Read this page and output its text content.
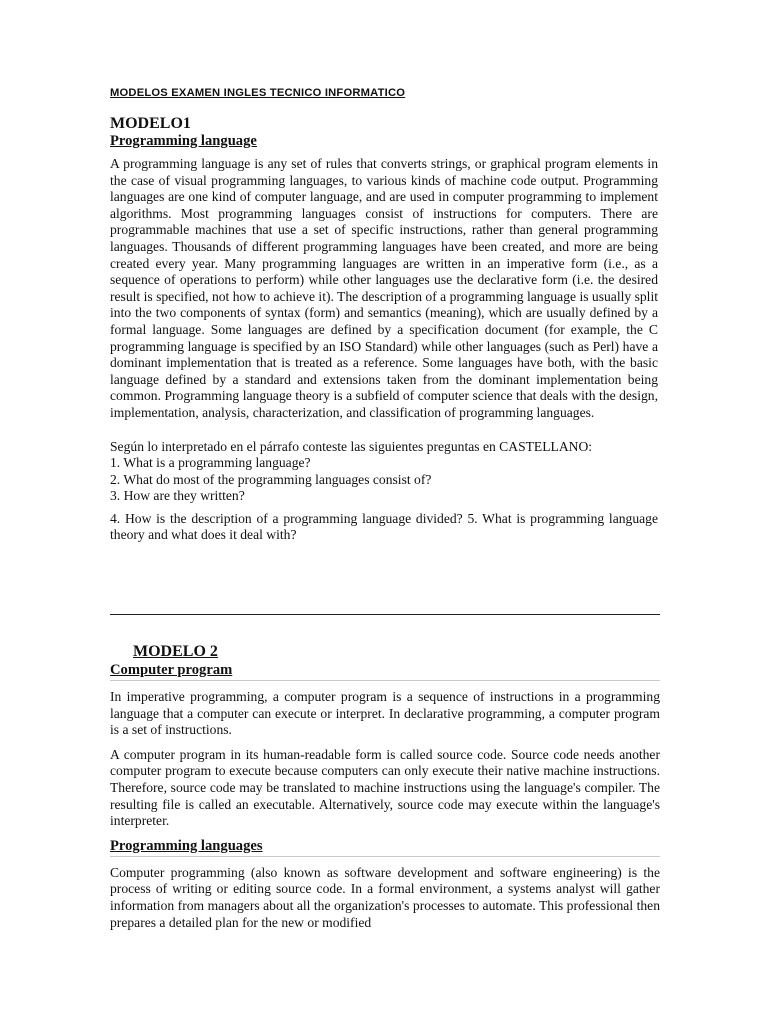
MODELOS EXAMEN INGLES TECNICO INFORMATICO
MODELO1
Programming language

A programming language is any set of rules that converts strings, or graphical program elements in the case of visual programming languages, to various kinds of machine code output. Programming languages are one kind of computer language, and are used in computer programming to implement algorithms. Most programming languages consist of instructions for computers. There are programmable machines that use a set of specific instructions, rather than general programming languages. Thousands of different programming languages have been created, and more are being created every year. Many programming languages are written in an imperative form (i.e., as a sequence of operations to perform) while other languages use the declarative form (i.e. the desired result is specified, not how to achieve it). The description of a programming language is usually split into the two components of syntax (form) and semantics (meaning), which are usually defined by a formal language. Some languages are defined by a specification document (for example, the C programming language is specified by an ISO Standard) while other languages (such as Perl) have a dominant implementation that is treated as a reference. Some languages have both, with the basic language defined by a standard and extensions taken from the dominant implementation being common. Programming language theory is a subfield of computer science that deals with the design, implementation, analysis, characterization, and classification of programming languages.

Según lo interpretado en el párrafo conteste las siguientes preguntas en CASTELLANO:
1. What is a programming language?
2. What do most of the programming languages consist of?
3. How are they written?
4. How is the description of a programming language divided? 5. What is programming language theory and what does it deal with?
MODELO 2
Computer program

In imperative programming, a computer program is a sequence of instructions in a programming language that a computer can execute or interpret. In declarative programming, a computer program is a set of instructions.

A computer program in its human-readable form is called source code. Source code needs another computer program to execute because computers can only execute their native machine instructions. Therefore, source code may be translated to machine instructions using the language's compiler. The resulting file is called an executable. Alternatively, source code may execute within the language's interpreter.

Programming languages

Computer programming (also known as software development and software engineering) is the process of writing or editing source code. In a formal environment, a systems analyst will gather information from managers about all the organization's processes to automate. This professional then prepares a detailed plan for the new or modified
